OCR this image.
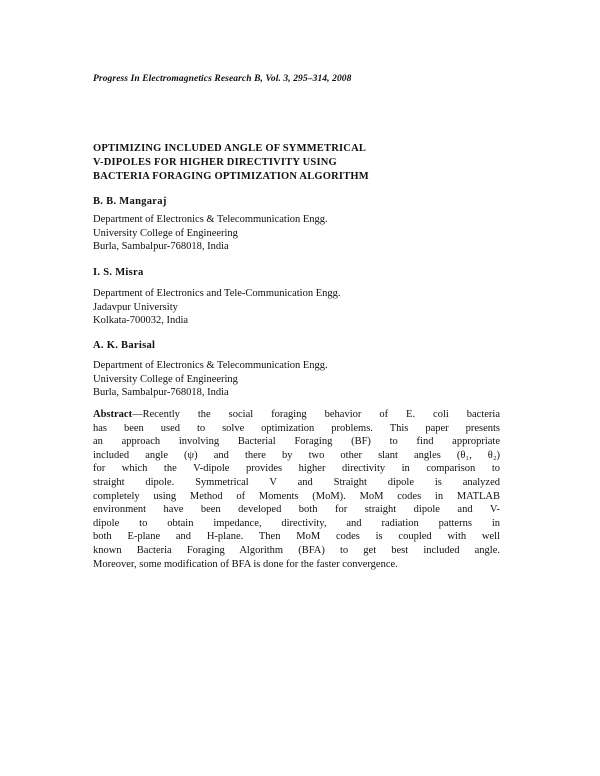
Progress In Electromagnetics Research B, Vol. 3, 295–314, 2008
OPTIMIZING INCLUDED ANGLE OF SYMMETRICAL
V-DIPOLES FOR HIGHER DIRECTIVITY USING
BACTERIA FORAGING OPTIMIZATION ALGORITHM
B. B. Mangaraj
Department of Electronics & Telecommunication Engg.
University College of Engineering
Burla, Sambalpur-768018, India
I. S. Misra
Department of Electronics and Tele-Communication Engg.
Jadavpur University
Kolkata-700032, India
A. K. Barisal
Department of Electronics & Telecommunication Engg.
University College of Engineering
Burla, Sambalpur-768018, India
Abstract—Recently the social foraging behavior of E. coli bacteria
has been used to solve optimization problems. This paper presents
an approach involving Bacterial Foraging (BF) to find appropriate
included angle (ψ) and there by two other slant angles (θ₁, θ₂)
for which the V-dipole provides higher directivity in comparison to
straight dipole. Symmetrical V and Straight dipole is analyzed
completely using Method of Moments (MoM). MoM codes in MATLAB
environment have been developed both for straight dipole and V-
dipole to obtain impedance, directivity, and radiation patterns in
both E-plane and H-plane. Then MoM codes is coupled with well
known Bacteria Foraging Algorithm (BFA) to get best included angle.
Moreover, some modification of BFA is done for the faster convergence.
